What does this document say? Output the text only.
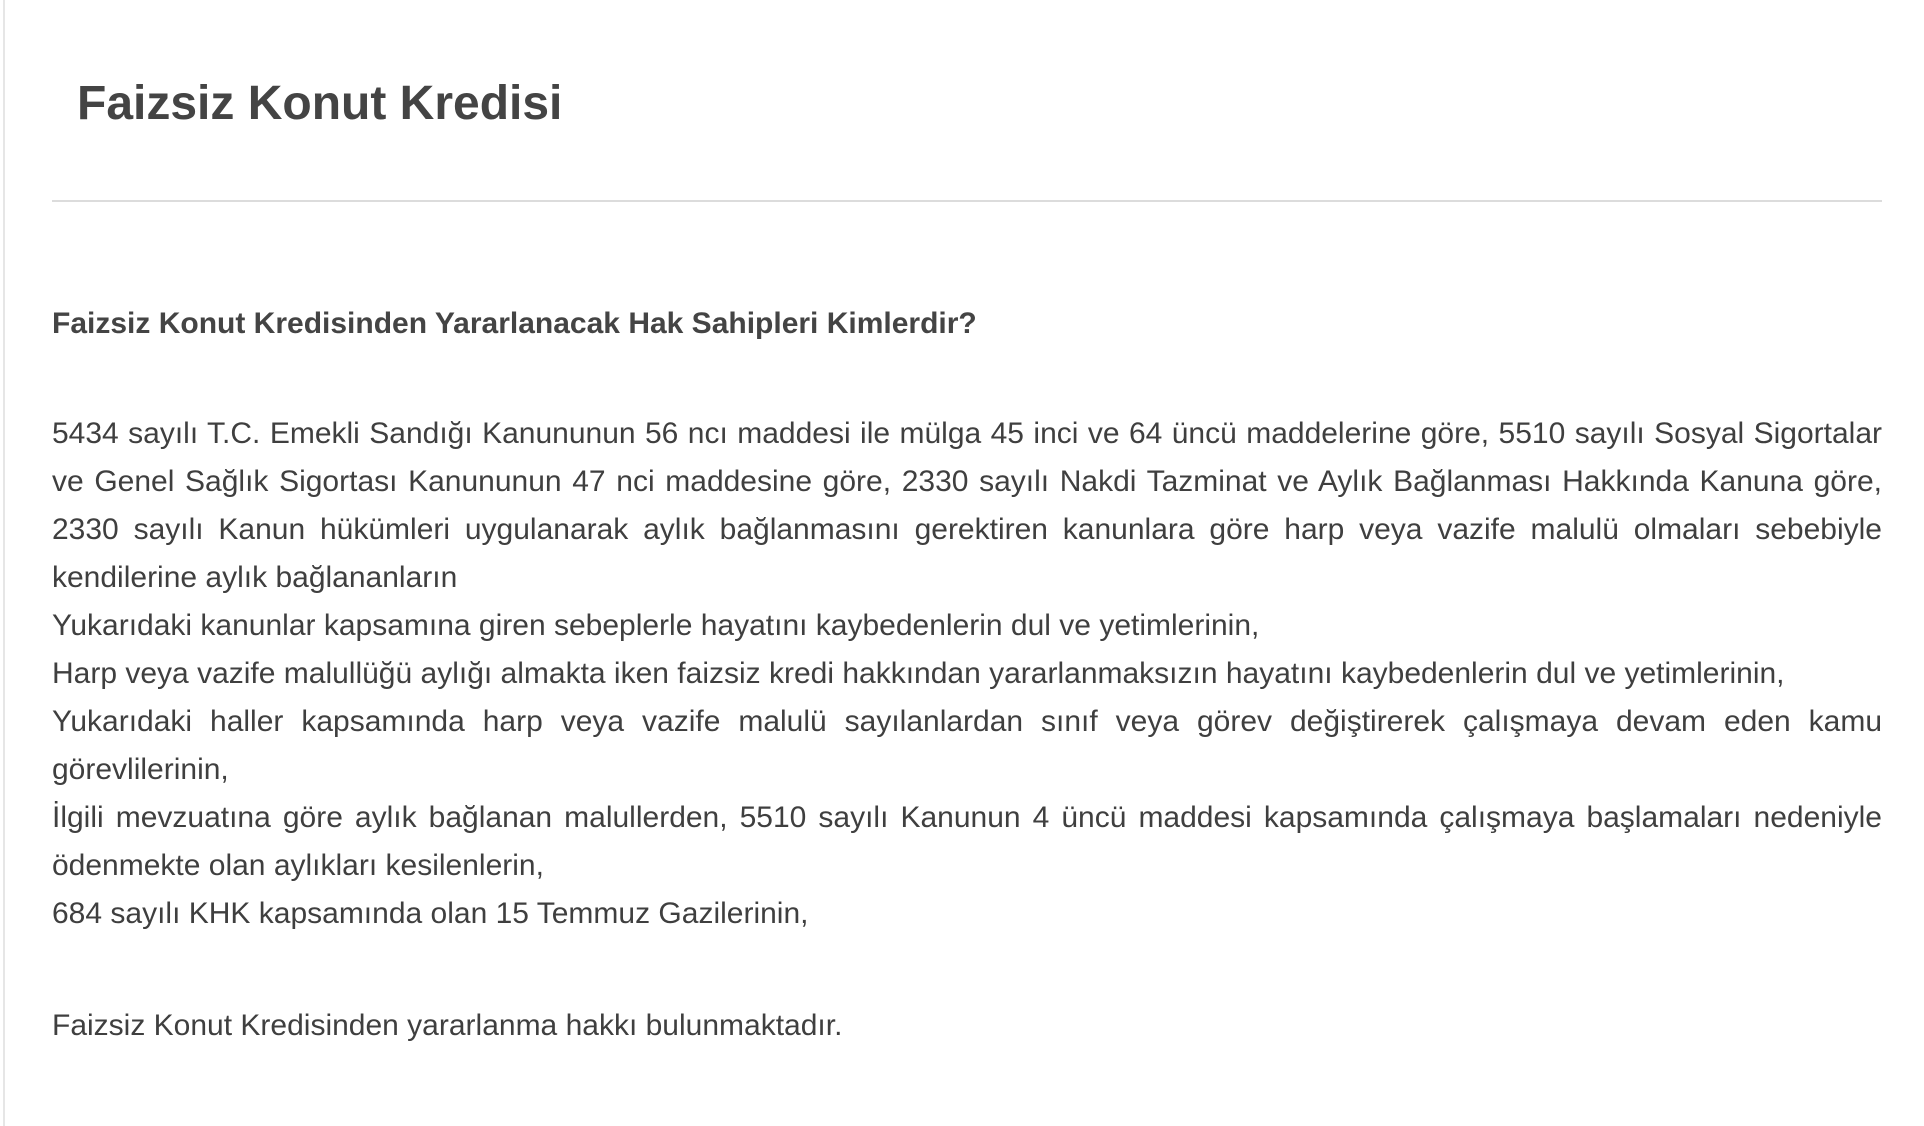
Faizsiz Konut Kredisi
Faizsiz Konut Kredisinden Yararlanacak Hak Sahipleri Kimlerdir?

5434 sayılı T.C. Emekli Sandığı Kanununun 56 ncı maddesi ile mülga 45 inci ve 64 üncü maddelerine göre, 5510 sayılı Sosyal Sigortalar ve Genel Sağlık Sigortası Kanununun 47 nci maddesine göre, 2330 sayılı Nakdi Tazminat ve Aylık Bağlanması Hakkında Kanuna göre, 2330 sayılı Kanun hükümleri uygulanarak aylık bağlanmasını gerektiren kanunlara göre harp veya vazife malulü olmaları sebebiyle kendilerine aylık bağlananların

Yukarıdaki kanunlar kapsamına giren sebeplerle hayatını kaybedenlerin dul ve yetimlerinin,

Harp veya vazife malullüğü aylığı almakta iken faizsiz kredi hakkından yararlanmaksızın hayatını kaybedenlerin dul ve yetimlerinin,

Yukarıdaki haller kapsamında harp veya vazife malulü sayılanlardan sınıf veya görev değiştirerek çalışmaya devam eden kamu görevlilerinin,

İlgili mevzuatına göre aylık bağlanan malullerden, 5510 sayılı Kanunun 4 üncü maddesi kapsamında çalışmaya başlamaları nedeniyle ödenmekte olan aylıkları kesilenlerin,

684 sayılı KHK kapsamında olan 15 Temmuz Gazilerinin,

Faizsiz Konut Kredisinden yararlanma hakkı bulunmaktadır.
